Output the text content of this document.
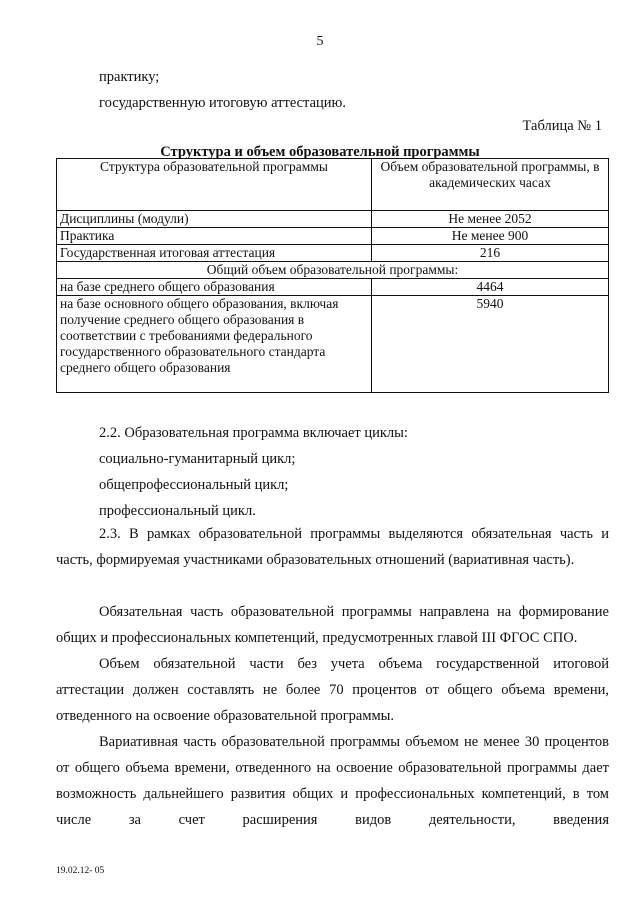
5
практику;
государственную итоговую аттестацию.
Таблица № 1
Структура и объем образовательной программы
Структура образовательной программы	Объем образовательной программы, в академических часах
Дисциплины (модули)	Не менее 2052
Практика	Не менее 900
Государственная итоговая аттестация	216
Общий объем образовательной программы:	
на базе среднего общего образования	4464
на базе основного общего образования, включая получение среднего общего образования в соответствии с требованиями федерального государственного образовательного стандарта среднего общего образования	5940
2.2. Образовательная программа включает циклы:
социально-гуманитарный цикл;
общепрофессиональный цикл;
профессиональный цикл.
2.3. В рамках образовательной программы выделяются обязательная часть и часть, формируемая участниками образовательных отношений (вариативная часть).
Обязательная часть образовательной программы направлена на формирование общих и профессиональных компетенций, предусмотренных главой III ФГОС СПО.
Объем обязательной части без учета объема государственной итоговой аттестации должен составлять не более 70 процентов от общего объема времени, отведенного на освоение образовательной программы.
Вариативная часть образовательной программы объемом не менее 30 процентов от общего объема времени, отведенного на освоение образовательной программы дает возможность дальнейшего развития общих и профессиональных компетенций, в том числе за счет расширения видов деятельности, введения
19.02.12- 05
